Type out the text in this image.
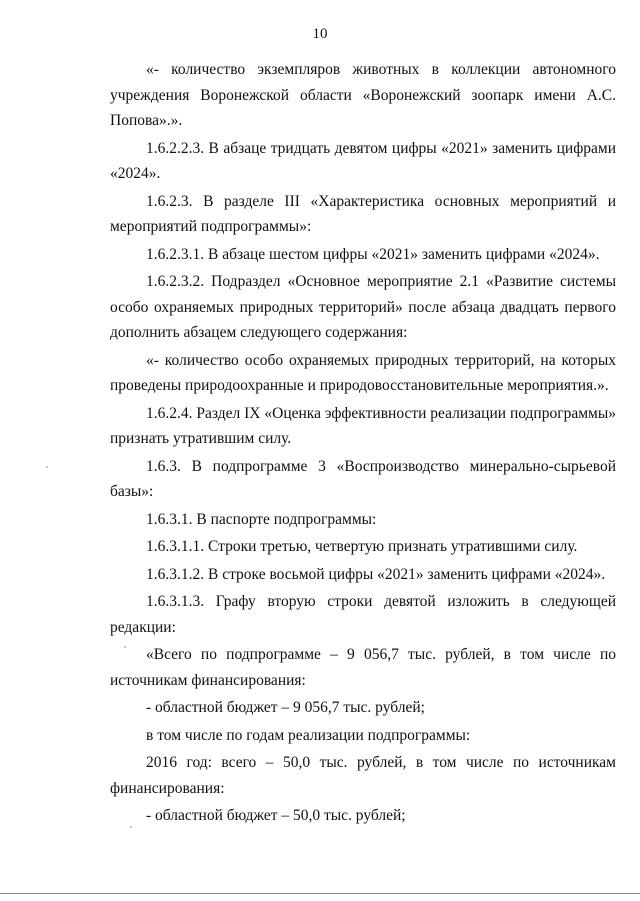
10

«- количество экземпляров животных в коллекции автономного учреждения Воронежской области «Воронежский зоопарк имени А.С. Попова».».

1.6.2.2.3. В абзаце тридцать девятом цифры «2021» заменить цифрами «2024».

1.6.2.3. В разделе III «Характеристика основных мероприятий и мероприятий подпрограммы»:

1.6.2.3.1. В абзаце шестом цифры «2021» заменить цифрами «2024».

1.6.2.3.2. Подраздел «Основное мероприятие 2.1 «Развитие системы особо охраняемых природных территорий» после абзаца двадцать первого дополнить абзацем следующего содержания:

«- количество особо охраняемых природных территорий, на которых проведены природоохранные и природовосстановительные мероприятия.».

1.6.2.4. Раздел IX «Оценка эффективности реализации подпрограммы» признать утратившим силу.

1.6.3. В подпрограмме 3 «Воспроизводство минерально-сырьевой базы»:

1.6.3.1. В паспорте подпрограммы:

1.6.3.1.1. Строки третью, четвертую признать утратившими силу.

1.6.3.1.2. В строке восьмой цифры «2021» заменить цифрами «2024».

1.6.3.1.3. Графу вторую строки девятой изложить в следующей редакции:

«Всего по подпрограмме – 9 056,7 тыс. рублей, в том числе по источникам финансирования:

- областной бюджет – 9 056,7 тыс. рублей;

в том числе по годам реализации подпрограммы:

2016 год: всего – 50,0 тыс. рублей, в том числе по источникам финансирования:

- областной бюджет – 50,0 тыс. рублей;
